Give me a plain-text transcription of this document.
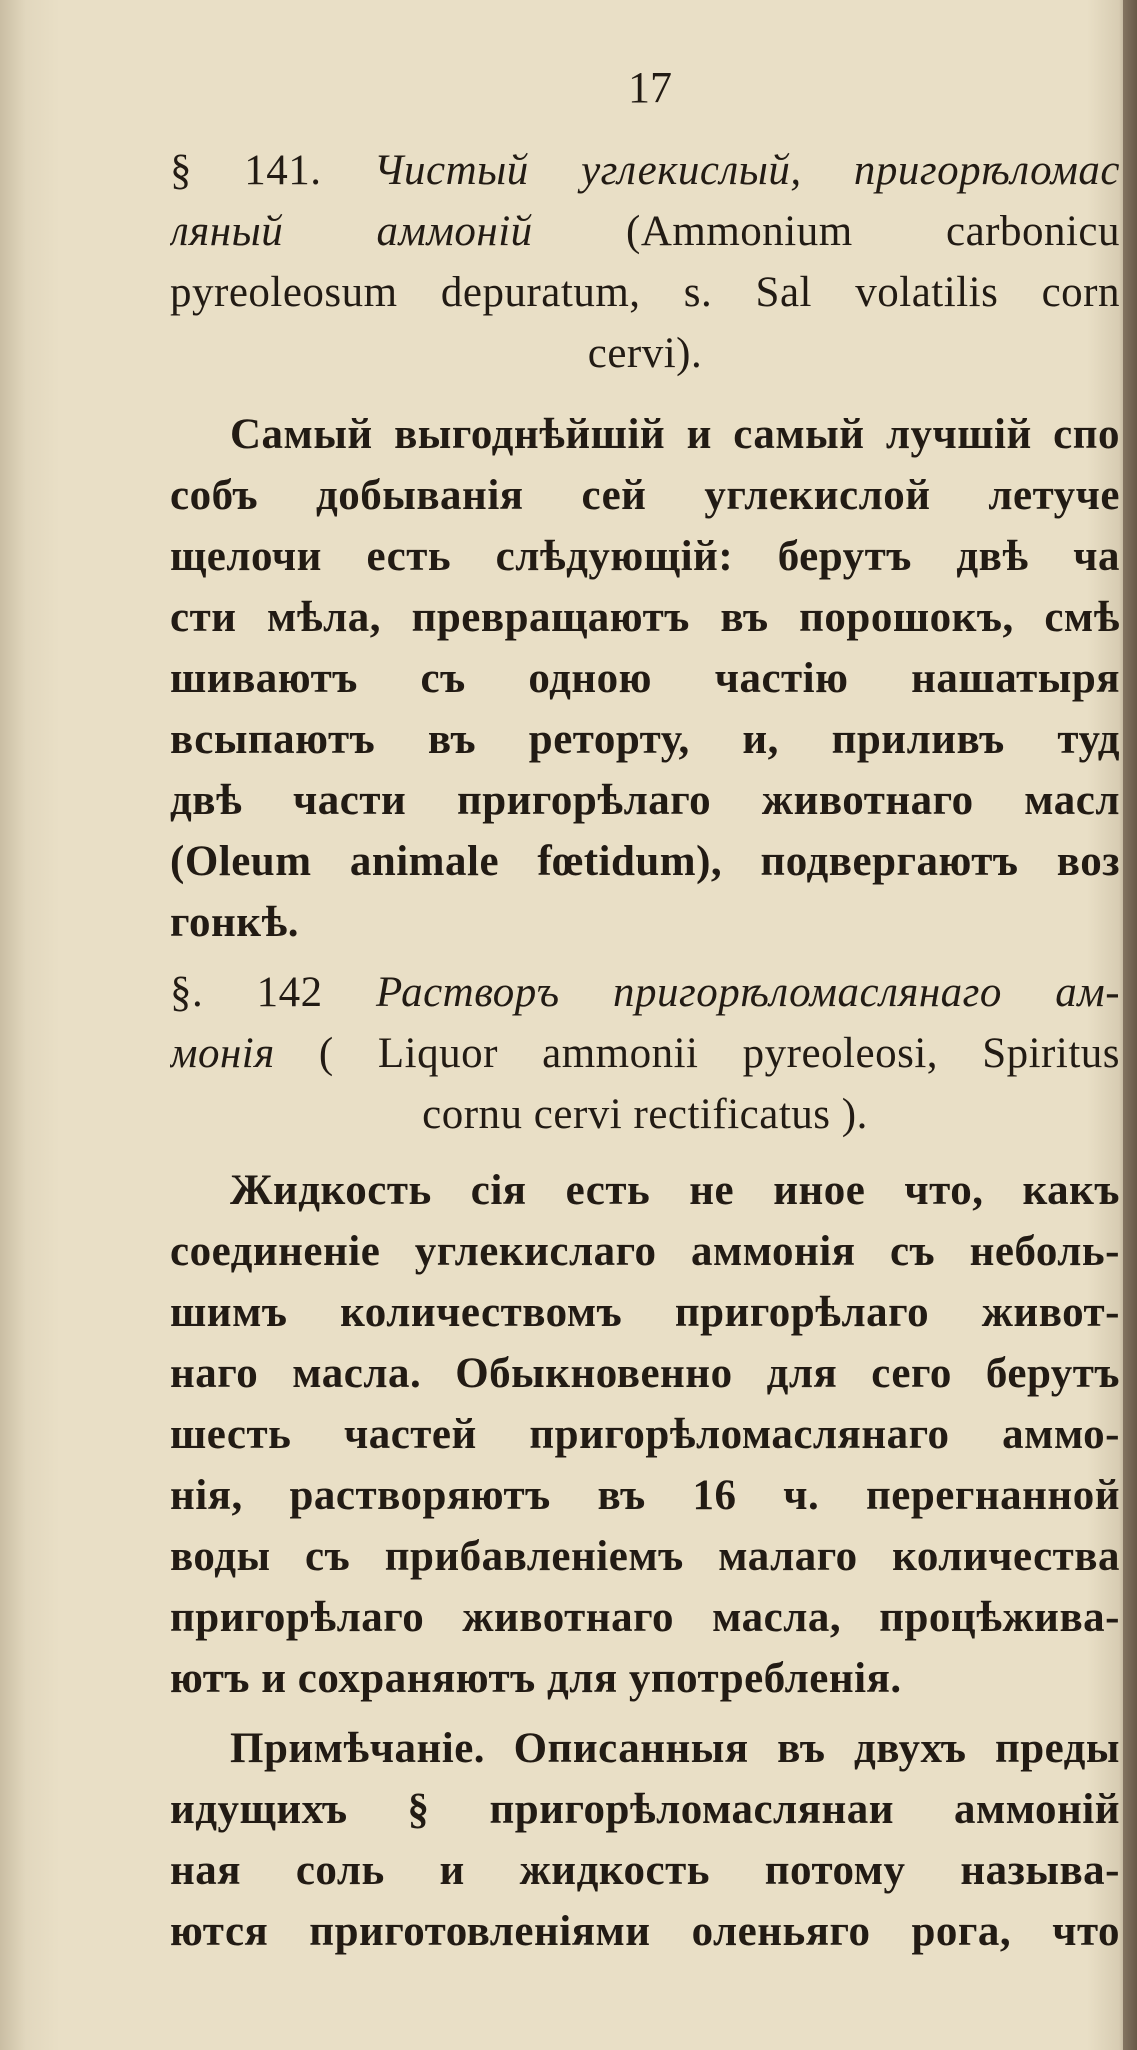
17
§ 141. Чистый углекислый, пригорѣломас
ляный аммоній (Ammonium carbonicu
pyreoleosum depuratum, s. Sal volatilis corn
cervi).
Самый выгоднѣйшій и самый лучшій спо
собъ добыванія сей углекислой летуче
щелочи есть слѣдующій: берутъ двѣ ча
сти мѣла, превращаютъ въ порошокъ, смѣ
шиваютъ съ одною частію нашатыря
всыпаютъ въ реторту, и, приливъ туд
двѣ части пригорѣлаго животнаго масл
(Oleum animale fœtidum), подвергаютъ воз
гонкѣ.
§. 142 Растворъ пригорѣломаслянаго ам-
монія ( Liquor ammonii pyreoleosi, Spiritus
cornu cervi rectificatus ).
Жидкость сія есть не иное что, какъ
соединеніе углекислаго аммонія съ неболь-
шимъ количествомъ пригорѣлаго живот-
наго масла. Обыкновенно для сего берутъ
шесть частей пригорѣломаслянаго аммо-
нія, растворяютъ въ 16 ч. перегнанной
воды съ прибавленіемъ малаго количества
пригорѣлаго животнаго масла, процѣжива-
ютъ и сохраняютъ для употребленія.
Примѣчаніе. Описанныя въ двухъ преды
идущихъ § пригорѣломаслянаи аммоній
ная соль и жидкость потому называ-
ются приготовленіями оленьяго рога, что
